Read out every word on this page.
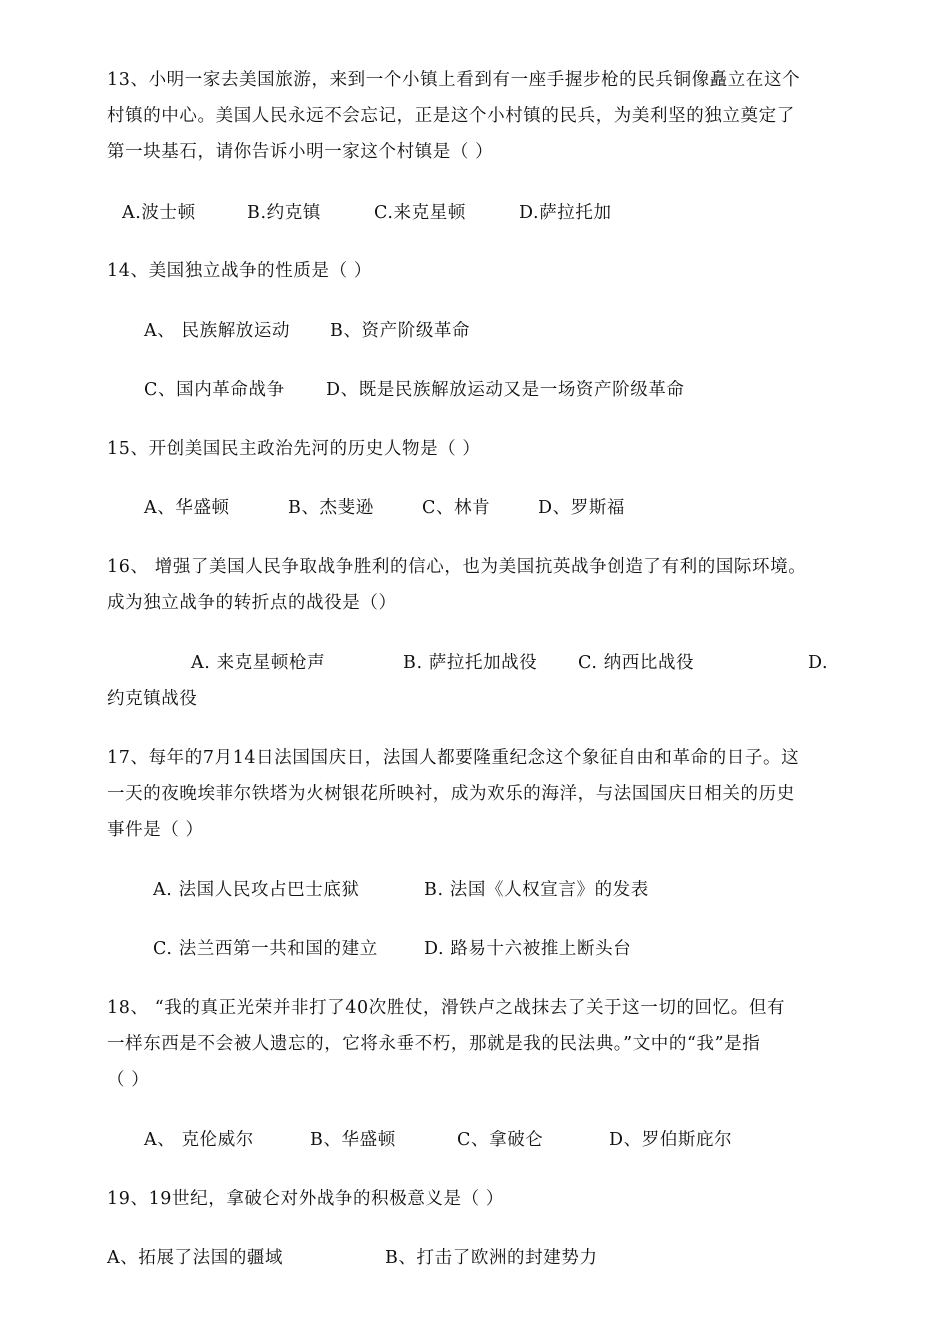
13、小明一家去美国旅游，来到一个小镇上看到有一座手握步枪的民兵铜像矗立在这个
村镇的中心。美国人民永远不会忘记，正是这个小村镇的民兵，为美利坚的独立奠定了
第一块基石，请你告诉小明一家这个村镇是（ ）
A.波士顿	B.约克镇	C.来克星顿	D.萨拉托加
14、美国独立战争的性质是（ ）
A、 民族解放运动 B、资产阶级革命
C、国内革命战争 D、既是民族解放运动又是一场资产阶级革命
15、开创美国民主政治先河的历史人物是（ ）
A、华盛顿	B、杰斐逊	C、林肯	D、罗斯福
16、 增强了美国人民争取战争胜利的信心，也为美国抗英战争创造了有利的国际环境。
成为独立战争的转折点的战役是（）
A. 来克星顿枪声	B. 萨拉托加战役 C. 纳西比战役	D.
约克镇战役
17、每年的7月14日法国国庆日，法国人都要隆重纪念这个象征自由和革命的日子。这
一天的夜晚埃菲尔铁塔为火树银花所映衬，成为欢乐的海洋，与法国国庆日相关的历史
事件是（ ）
A. 法国人民攻占巴士底狱	B. 法国《人权宣言》的发表
C. 法兰西第一共和国的建立	D. 路易十六被推上断头台
18、 “我的真正光荣并非打了40次胜仗，滑铁卢之战抹去了关于这一切的回忆。但有
一样东西是不会被人遗忘的，它将永垂不朽，那就是我的民法典。”文中的“我”是指
（ ）
A、 克伦威尔	B、华盛顿	C、拿破仑	D、罗伯斯庇尔
19、19世纪，拿破仑对外战争的积极意义是（ ）
A、拓展了法国的疆域	B、打击了欧洲的封建势力
